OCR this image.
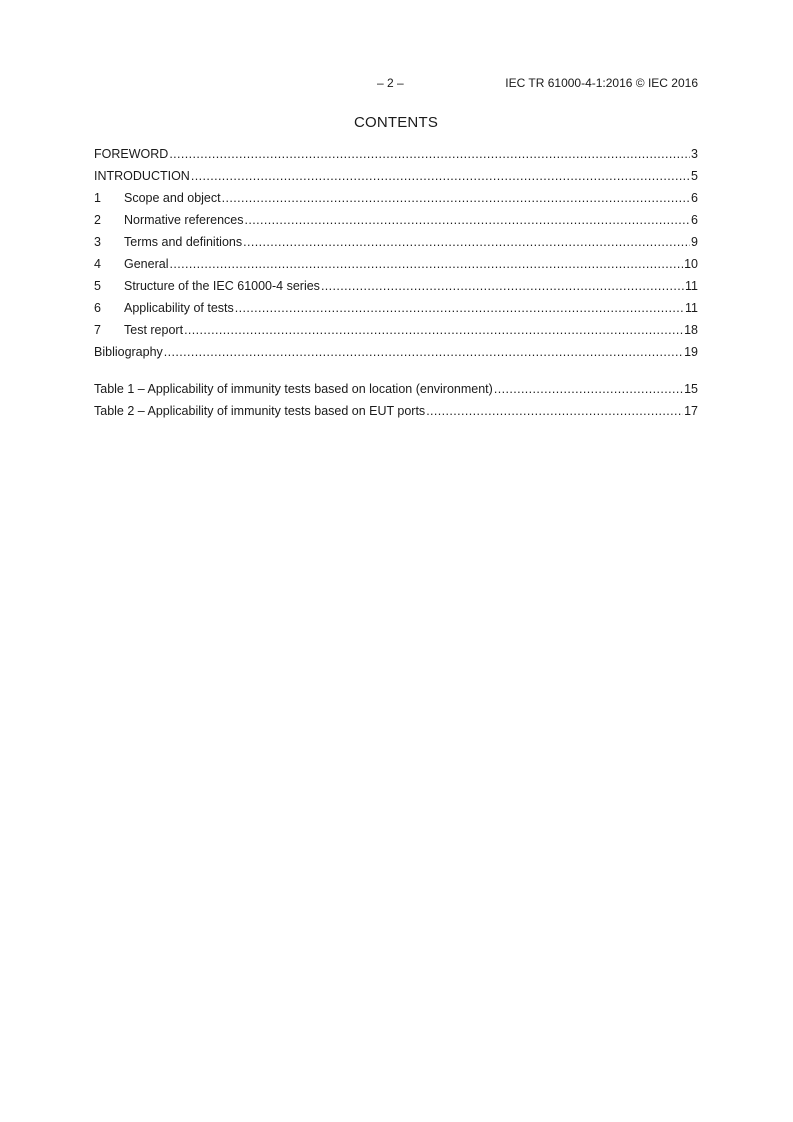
– 2 –	IEC TR 61000-4-1:2016 © IEC 2016
CONTENTS
FOREWORD .....	3
INTRODUCTION .....	5
1	Scope and object .....	6
2	Normative references .....	6
3	Terms and definitions .....	9
4	General .....	10
5	Structure of the IEC 61000-4 series .....	11
6	Applicability of tests .....	11
7	Test report .....	18
Bibliography .....	19
Table 1 – Applicability of immunity tests based on location (environment) .....	15
Table 2 – Applicability of immunity tests based on EUT ports .....	17
